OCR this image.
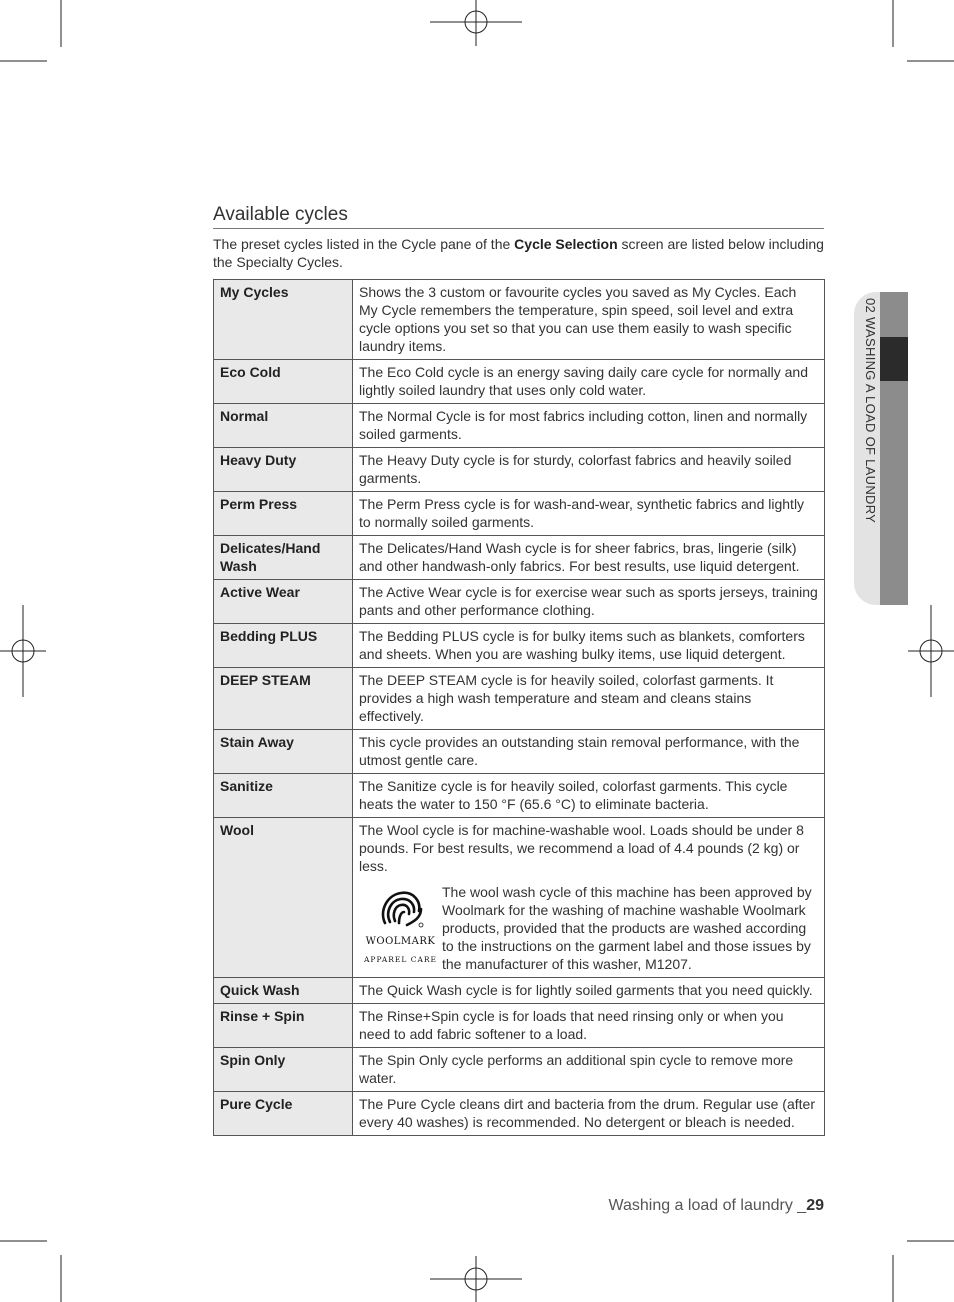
Available cycles
The preset cycles listed in the Cycle pane of the Cycle Selection screen are listed below including the Specialty Cycles.
My Cycles	Shows the 3 custom or favourite cycles you saved as My Cycles. Each My Cycle remembers the temperature, spin speed, soil level and extra cycle options you set so that you can use them easily to wash specific laundry items.
Eco Cold	The Eco Cold cycle is an energy saving daily care cycle for normally and lightly soiled laundry that uses only cold water.
Normal	The Normal Cycle is for most fabrics including cotton, linen and normally soiled garments.
Heavy Duty	The Heavy Duty cycle is for sturdy, colorfast fabrics and heavily soiled garments.
Perm Press	The Perm Press cycle is for wash-and-wear, synthetic fabrics and lightly to normally soiled garments.
Delicates/Hand Wash	The Delicates/Hand Wash cycle is for sheer fabrics, bras, lingerie (silk) and other handwash-only fabrics. For best results, use liquid detergent.
Active Wear	The Active Wear cycle is for exercise wear such as sports jerseys, training pants and other performance clothing.
Bedding PLUS	The Bedding PLUS cycle is for bulky items such as blankets, comforters and sheets. When you are washing bulky items, use liquid detergent.
DEEP STEAM	The DEEP STEAM cycle is for heavily soiled, colorfast garments. It provides a high wash temperature and steam and cleans stains effectively.
Stain Away	This cycle provides an outstanding stain removal performance, with the utmost gentle care.
Sanitize	The Sanitize cycle is for heavily soiled, colorfast garments. This cycle heats the water to 150 °F (65.6 °C) to eliminate bacteria.
Wool	The Wool cycle is for machine-washable wool. Loads should be under 8 pounds. For best results, we recommend a load of 4.4 pounds (2 kg) or less.
WOOLMARK
APPAREL CARE
The wool wash cycle of this machine has been approved by Woolmark for the washing of machine washable Woolmark products, provided that the products are washed according to the instructions on the garment label and those issues by the manufacturer of this washer, M1207.

Quick Wash	The Quick Wash cycle is for lightly soiled garments that you need quickly.
Rinse + Spin	The Rinse+Spin cycle is for loads that need rinsing only or when you need to add fabric softener to a load.
Spin Only	The Spin Only cycle performs an additional spin cycle to remove more water.
Pure Cycle	The Pure Cycle cleans dirt and bacteria from the drum. Regular use (after every 40 washes) is recommended. No detergent or bleach is needed.
02 WASHING A LOAD OF LAUNDRY
Washing a load of laundry _29
